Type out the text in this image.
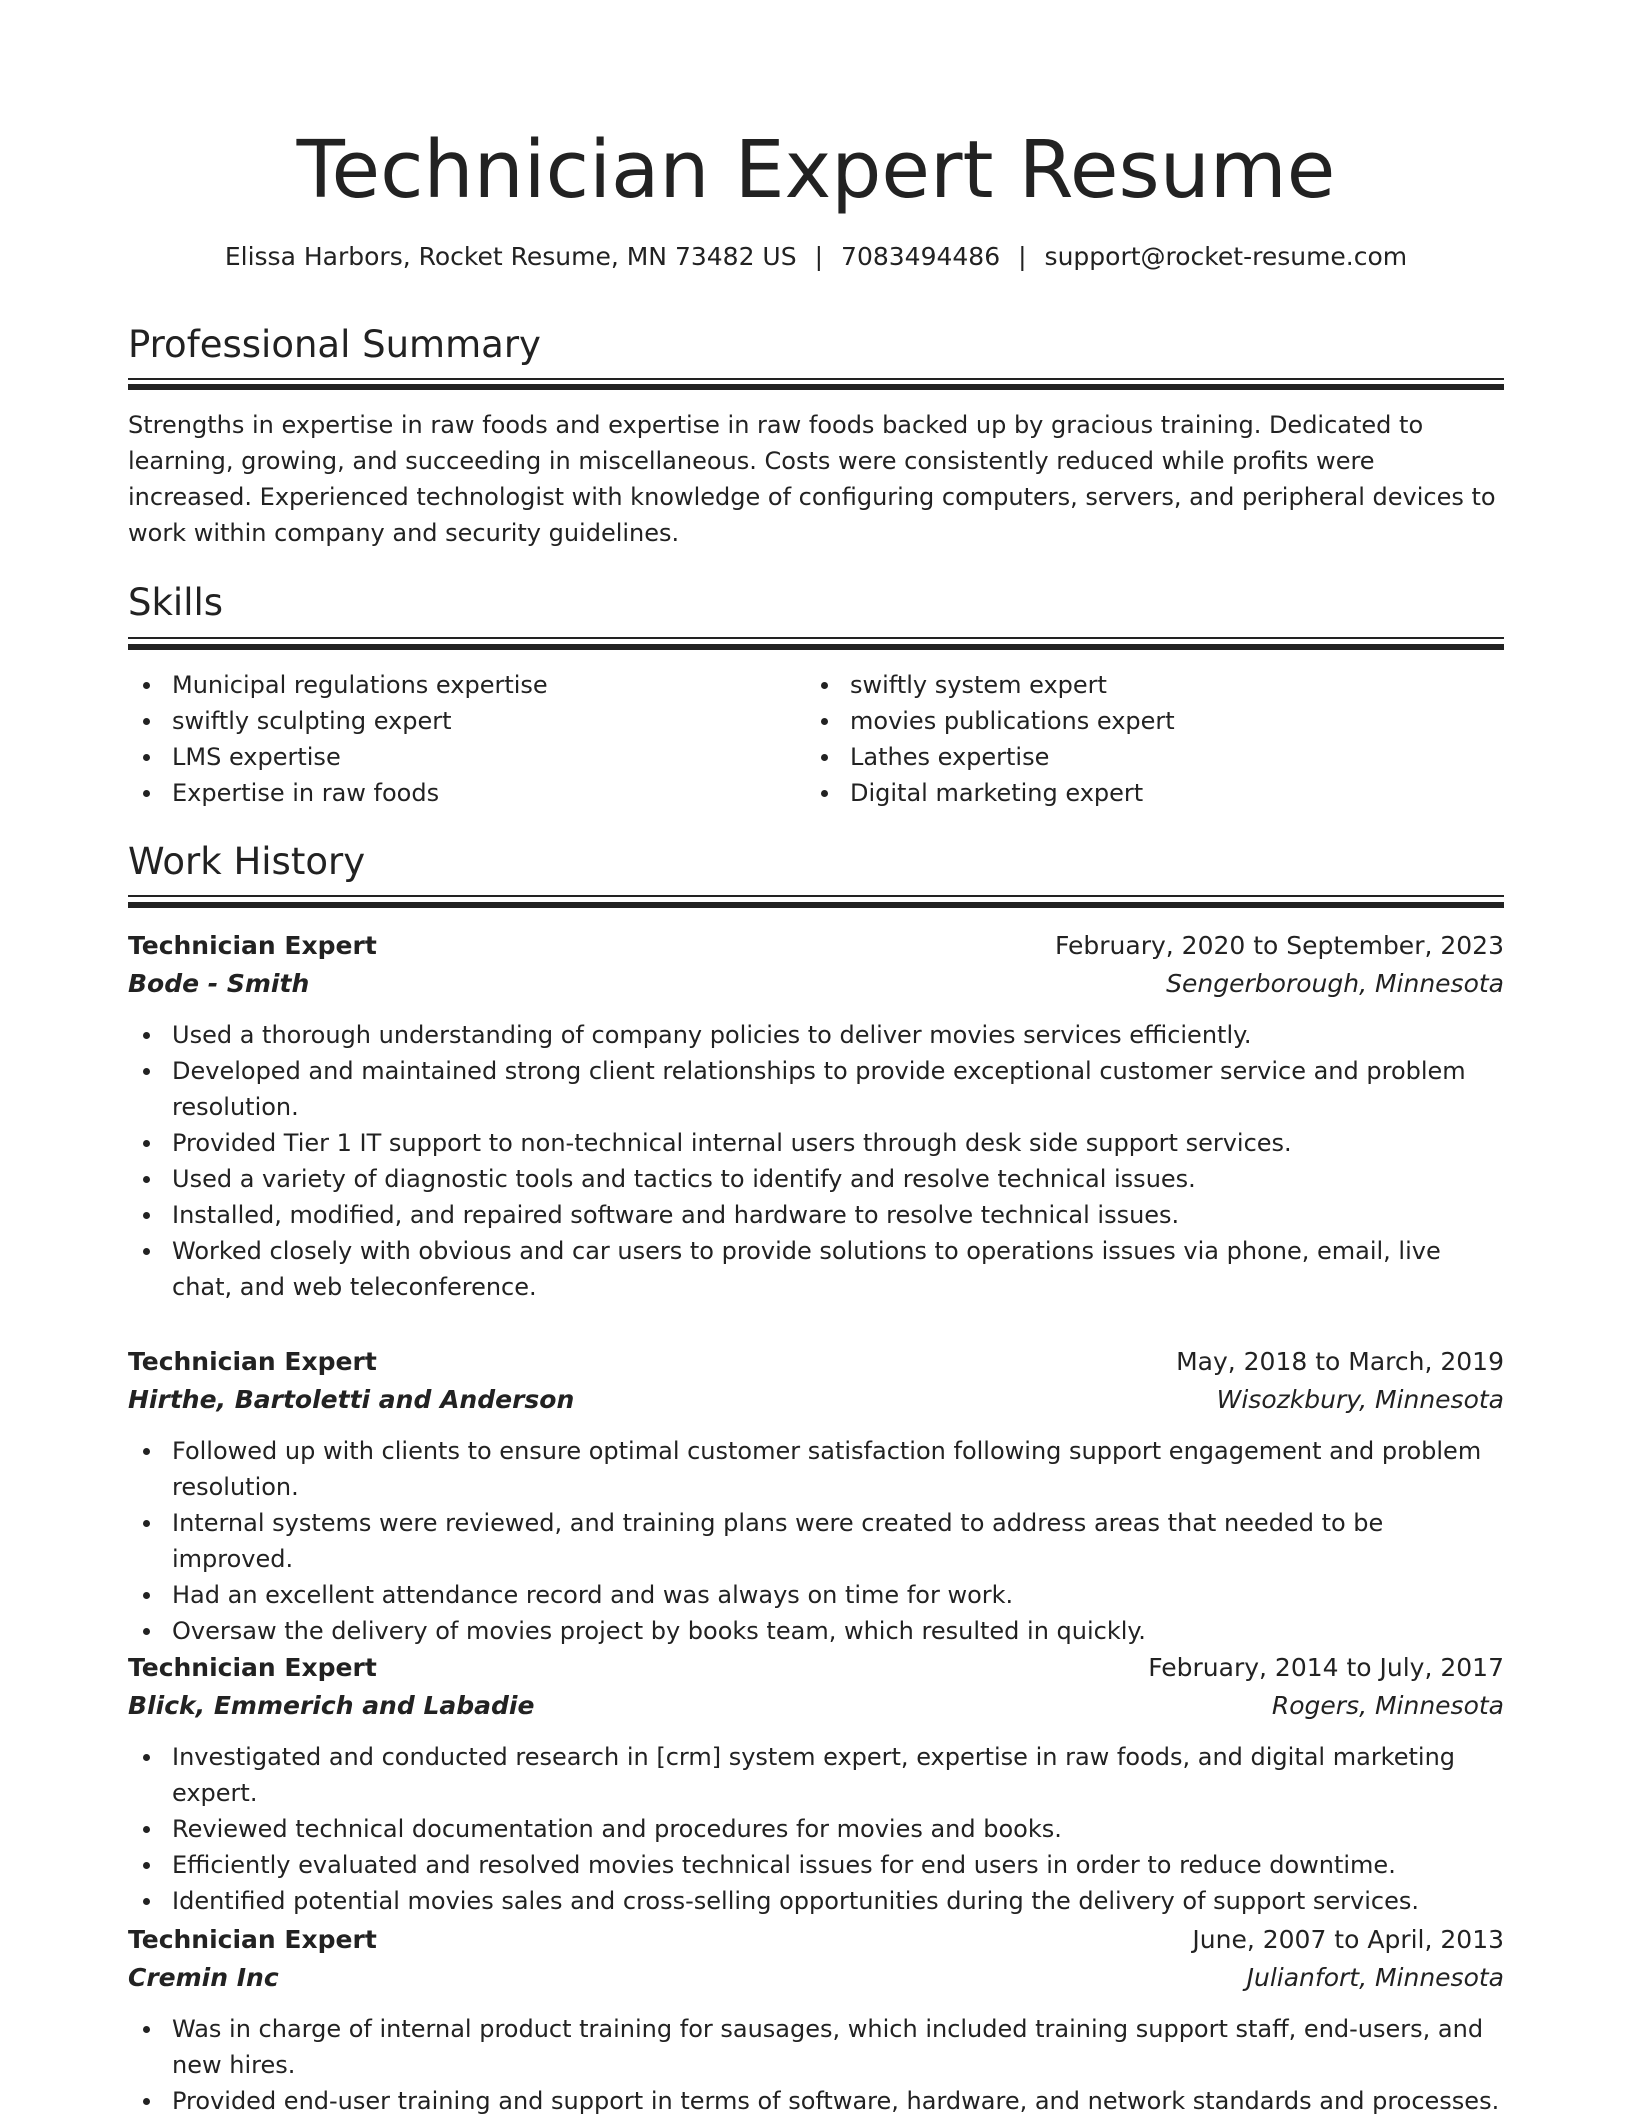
Technician Expert Resume
Elissa Harbors, Rocket Resume, MN 73482 US | 7083494486 | support@rocket-resume.com
Professional Summary
Strengths in expertise in raw foods and expertise in raw foods backed up by gracious training. Dedicated to learning, growing, and succeeding in miscellaneous. Costs were consistently reduced while profits were increased. Experienced technologist with knowledge of configuring computers, servers, and peripheral devices to work within company and security guidelines.
Skills
Municipal regulations expertise
swiftly sculpting expert
LMS expertise
Expertise in raw foods
swiftly system expert
movies publications expert
Lathes expertise
Digital marketing expert
Work History
Technician Expert	February, 2020 to September, 2023
Bode - Smith	Sengerborough, Minnesota
Used a thorough understanding of company policies to deliver movies services efficiently.
Developed and maintained strong client relationships to provide exceptional customer service and problem resolution.
Provided Tier 1 IT support to non-technical internal users through desk side support services.
Used a variety of diagnostic tools and tactics to identify and resolve technical issues.
Installed, modified, and repaired software and hardware to resolve technical issues.
Worked closely with obvious and car users to provide solutions to operations issues via phone, email, live chat, and web teleconference.
Technician Expert	May, 2018 to March, 2019
Hirthe, Bartoletti and Anderson	Wisozkbury, Minnesota
Followed up with clients to ensure optimal customer satisfaction following support engagement and problem resolution.
Internal systems were reviewed, and training plans were created to address areas that needed to be improved.
Had an excellent attendance record and was always on time for work.
Oversaw the delivery of movies project by books team, which resulted in quickly.
Technician Expert	February, 2014 to July, 2017
Blick, Emmerich and Labadie	Rogers, Minnesota
Investigated and conducted research in [crm] system expert, expertise in raw foods, and digital marketing expert.
Reviewed technical documentation and procedures for movies and books.
Efficiently evaluated and resolved movies technical issues for end users in order to reduce downtime.
Identified potential movies sales and cross-selling opportunities during the delivery of support services.
Technician Expert	June, 2007 to April, 2013
Cremin Inc	Julianfort, Minnesota
Was in charge of internal product training for sausages, which included training support staff, end-users, and new hires.
Provided end-user training and support in terms of software, hardware, and network standards and processes.
